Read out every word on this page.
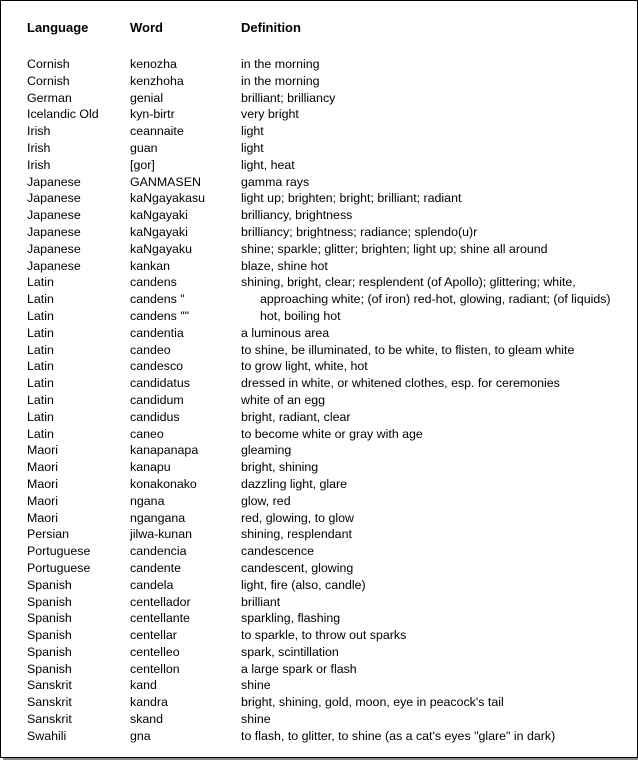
Language	Word	Definition
Cornish	kenozha	in the morning
Cornish	kenzhoha	in the morning
German	genial	brilliant; brilliancy
Icelandic Old	kyn-birtr	very bright
Irish	ceannaite	light
Irish	guan	light
Irish	[gor]	light, heat
Japanese	GANMASEN	gamma rays
Japanese	kaNgayakasu	light up; brighten; bright; brilliant; radiant
Japanese	kaNgayaki	brilliancy, brightness
Japanese	kaNgayaki	brilliancy; brightness; radiance; splendo(u)r
Japanese	kaNgayaku	shine; sparkle; glitter; brighten; light up; shine all around
Japanese	kankan	blaze, shine hot
Latin	candens	shining, bright, clear; resplendent (of Apollo); glittering; white,
Latin	candens "	approaching white; (of iron) red-hot, glowing, radiant; (of liquids)
Latin	candens ""	hot, boiling hot
Latin	candentia	a luminous area
Latin	candeo	to shine, be illuminated, to be white, to flisten, to gleam white
Latin	candesco	to grow light, white, hot
Latin	candidatus	dressed in white, or whitened clothes, esp. for ceremonies
Latin	candidum	white of an egg
Latin	candidus	bright, radiant, clear
Latin	caneo	to become white or gray with age
Maori	kanapanapa	gleaming
Maori	kanapu	bright, shining
Maori	konakonako	dazzling light, glare
Maori	ngana	glow, red
Maori	ngangana	red, glowing, to glow
Persian	jilwa-kunan	shining, resplendant
Portuguese	candencia	candescence
Portuguese	candente	candescent, glowing
Spanish	candela	light, fire (also, candle)
Spanish	centellador	brilliant
Spanish	centellante	sparkling, flashing
Spanish	centellar	to sparkle, to throw out sparks
Spanish	centelleo	spark, scintillation
Spanish	centellon	a large spark or flash
Sanskrit	kand	shine
Sanskrit	kandra	bright, shining, gold, moon, eye in peacock's tail
Sanskrit	skand	shine
Swahili	gna	to flash, to glitter, to shine (as a cat's eyes "glare" in dark)
